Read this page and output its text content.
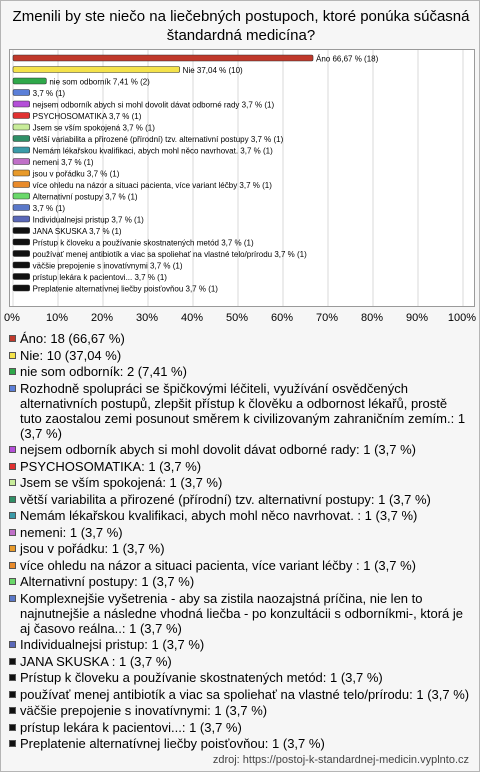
Zmenili by ste niečo na liečebných postupoch, ktoré ponúka súčasná štandardná medicína?
Áno 66,67 % (18)
Nie 37,04 % (10)
nie som odborník 7,41 % (2)
3,7 % (1)
nejsem odborník abych si mohl dovolit dávat odborné rady 3,7 % (1)
PSYCHOSOMATIKA 3,7 % (1)
Jsem se vším spokojená 3,7 % (1)
větší variabilita a přirozené (přírodní) tzv. alternativní postupy 3,7 % (1)
Nemám lékařskou kvalifikaci, abych mohl něco navrhovat. 3,7 % (1)
nemeni 3,7 % (1)
jsou v pořádku 3,7 % (1)
více ohledu na názor a situaci pacienta, více variant léčby 3,7 % (1)
Alternativní postupy 3,7 % (1)
3,7 % (1)
Individualnejsi pristup 3,7 % (1)
JANA SKUSKA 3,7 % (1)
Prístup k človeku a používanie skostnatených metód 3,7 % (1)
používať menej antibiotík a viac sa spoliehať na vlastné telo/prírodu 3,7 % (1)
väčšie prepojenie s inovatívnymi 3,7 % (1)
prístup lekára k pacientovi... 3,7 % (1)
Preplatenie alternatívnej liečby poisťovňou 3,7 % (1)
0% 10% 20% 30% 40% 50% 60% 70% 80% 90% 100%
Áno: 18 (66,67 %)
Nie: 10 (37,04 %)
nie som odborník: 2 (7,41 %)
Rozhodně spolupráci se špičkovými léčiteli, využívání osvědčených alternativních postupů, zlepšit přístup k člověku a odbornost lékařů, prostě tuto zaostalou zemi posunout směrem k civilizovaným zahraničním zemím.: 1 (3,7 %)
nejsem odborník abych si mohl dovolit dávat odborné rady: 1 (3,7 %)
PSYCHOSOMATIKA: 1 (3,7 %)
Jsem se vším spokojená: 1 (3,7 %)
větší variabilita a přirozené (přírodní) tzv. alternativní postupy: 1 (3,7 %)
Nemám lékařskou kvalifikaci, abych mohl něco navrhovat. : 1 (3,7 %)
nemeni: 1 (3,7 %)
jsou v pořádku: 1 (3,7 %)
více ohledu na názor a situaci pacienta, více variant léčby : 1 (3,7 %)
Alternativní postupy: 1 (3,7 %)
Komplexnejšie vyšetrenia - aby sa zistila naozajstná príčina, nie len to najnutnejšie a následne vhodná liečba - po konzultácii s odborníkmi-, ktorá je aj časovo reálna..: 1 (3,7 %)
Individualnejsi pristup: 1 (3,7 %)
JANA SKUSKA : 1 (3,7 %)
Prístup k človeku a používanie skostnatených metód: 1 (3,7 %)
používať menej antibiotík a viac sa spoliehať na vlastné telo/prírodu: 1 (3,7 %)
väčšie prepojenie s inovatívnymi: 1 (3,7 %)
prístup lekára k pacientovi...: 1 (3,7 %)
Preplatenie alternatívnej liečby poisťovňou: 1 (3,7 %)
zdroj: https://postoj-k-standardnej-medicin.vyplnto.cz
